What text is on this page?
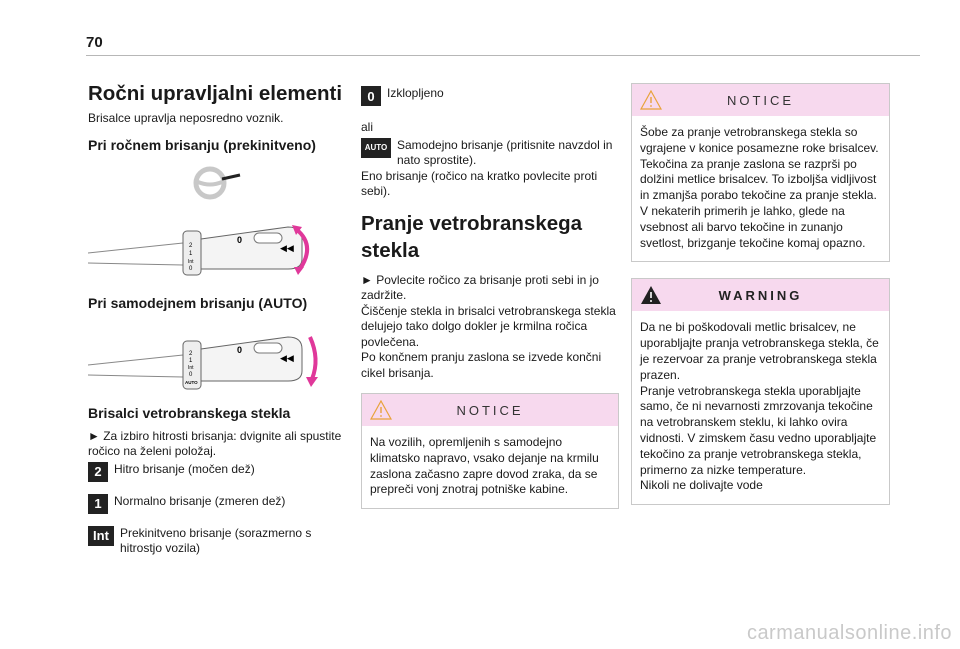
70
Ročni upravljalni elementi

Brisalce upravlja neposredno voznik.

Pri ročnem brisanju (prekinitveno)
2
1
Int
0
0
◀◀
Pri samodejnem brisanju (AUTO)
2
1
Int
0
AUTO
0
◀◀
Brisalci vetrobranskega stekla

► Za izbiro hitrosti brisanja: dvignite ali spustite ročico na želeni položaj.

2	Hitro brisanje (močen dež)
1	Normalno brisanje (zmeren dež)
Int Prekinitveno brisanje (sorazmerno s hitrostjo vozila)
0	Izklopljeno

ali

AUTO Samodejno brisanje (pritisnite navzdol in nato sprostite).

Eno brisanje (ročico na kratko povlecite proti sebi).

Pranje vetrobranskega stekla

► Povlecite ročico za brisanje proti sebi in jo zadržite.
Čiščenje stekla in brisalci vetrobranskega stekla delujejo tako dolgo dokler je krmilna ročica povlečena.
Po končnem pranju zaslona se izvede končni cikel brisanja.

NOTICE
Na vozilih, opremljenih s samodejno klimatsko napravo, vsako dejanje na krmilu zaslona začasno zapre dovod zraka, da se prepreči vonj znotraj potniške kabine.
NOTICE
Šobe za pranje vetrobranskega stekla so vgrajene v konice posamezne roke brisalcev. Tekočina za pranje zaslona se razprši po dolžini metlice brisalcev. To izboljša vidljivost in zmanjša porabo tekočine za pranje stekla. V nekaterih primerih je lahko, glede na vsebnost ali barvo tekočine in zunanjo svetlost, brizganje tekočine komaj opazno.
WARNING
Da ne bi poškodovali metlic brisalcev, ne uporabljajte pranja vetrobranskega stekla, če je rezervoar za pranje vetrobranskega stekla prazen.
Pranje vetrobranskega stekla uporabljajte samo, če ni nevarnosti zmrzovanja tekočine na vetrobranskem steklu, ki lahko ovira vidnosti. V zimskem času vedno uporabljajte tekočino za pranje vetrobranskega stekla, primerno za nizke temperature.
Nikoli ne dolivajte vode
carmanualsonline.info
